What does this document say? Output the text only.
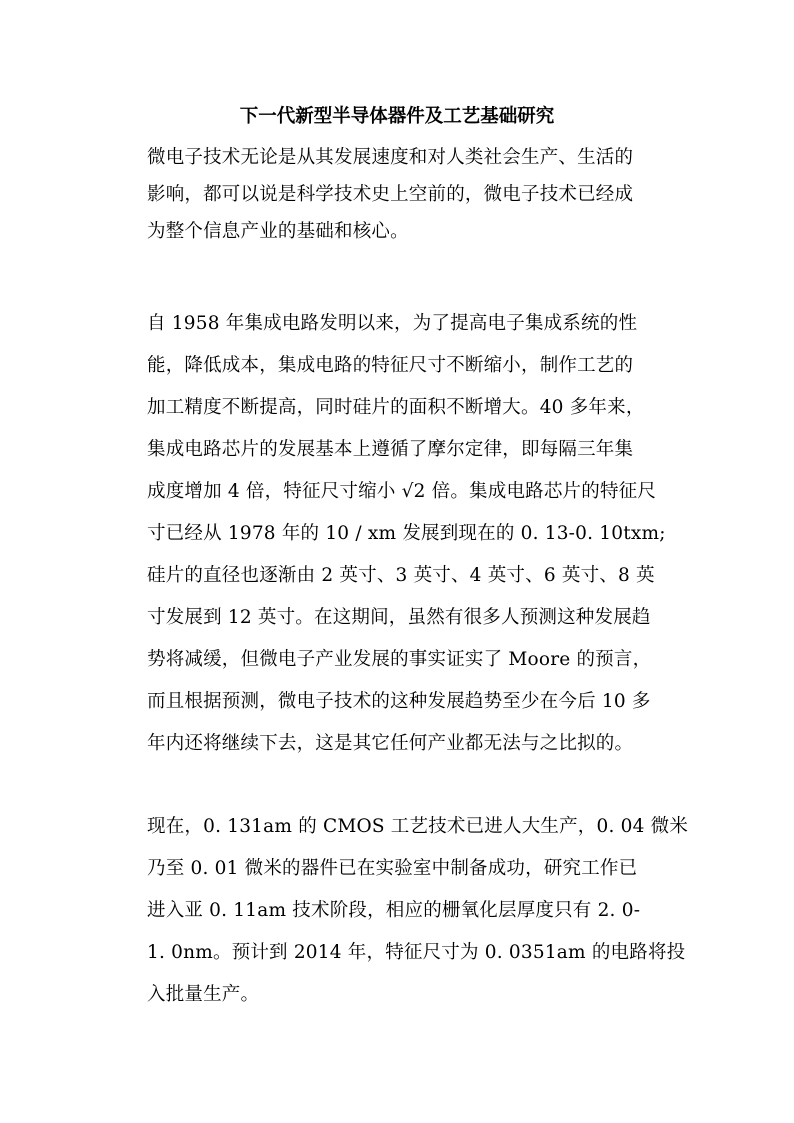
下一代新型半导体器件及工艺基础研究
微电子技术无论是从其发展速度和对人类社会生产、生活的
影响，都可以说是科学技术史上空前的，微电子技术已经成
为整个信息产业的基础和核心。
自 1958 年集成电路发明以来，为了提高电子集成系统的性
能，降低成本，集成电路的特征尺寸不断缩小，制作工艺的
加工精度不断提高，同时硅片的面积不断增大。40 多年来，
集成电路芯片的发展基本上遵循了摩尔定律，即每隔三年集
成度增加 4 倍，特征尺寸缩小 √2 倍。集成电路芯片的特征尺
寸已经从 1978 年的 10 / xm 发展到现在的 0. 13-0. 10txm;
硅片的直径也逐渐由 2 英寸、3 英寸、4 英寸、6 英寸、8 英
寸发展到 12 英寸。在这期间，虽然有很多人预测这种发展趋
势将减缓，但微电子产业发展的事实证实了 Moore 的预言，
而且根据预测，微电子技术的这种发展趋势至少在今后 10 多
年内还将继续下去，这是其它任何产业都无法与之比拟的。
现在，0. 131am 的 CMOS 工艺技术已进人大生产，0. 04 微米
乃至 0. 01 微米的器件已在实验室中制备成功，研究工作已
进入亚 0. 11am 技术阶段，相应的栅氧化层厚度只有 2. 0-
1. 0nm。预计到 2014 年，特征尺寸为 0. 0351am 的电路将投
入批量生产。
